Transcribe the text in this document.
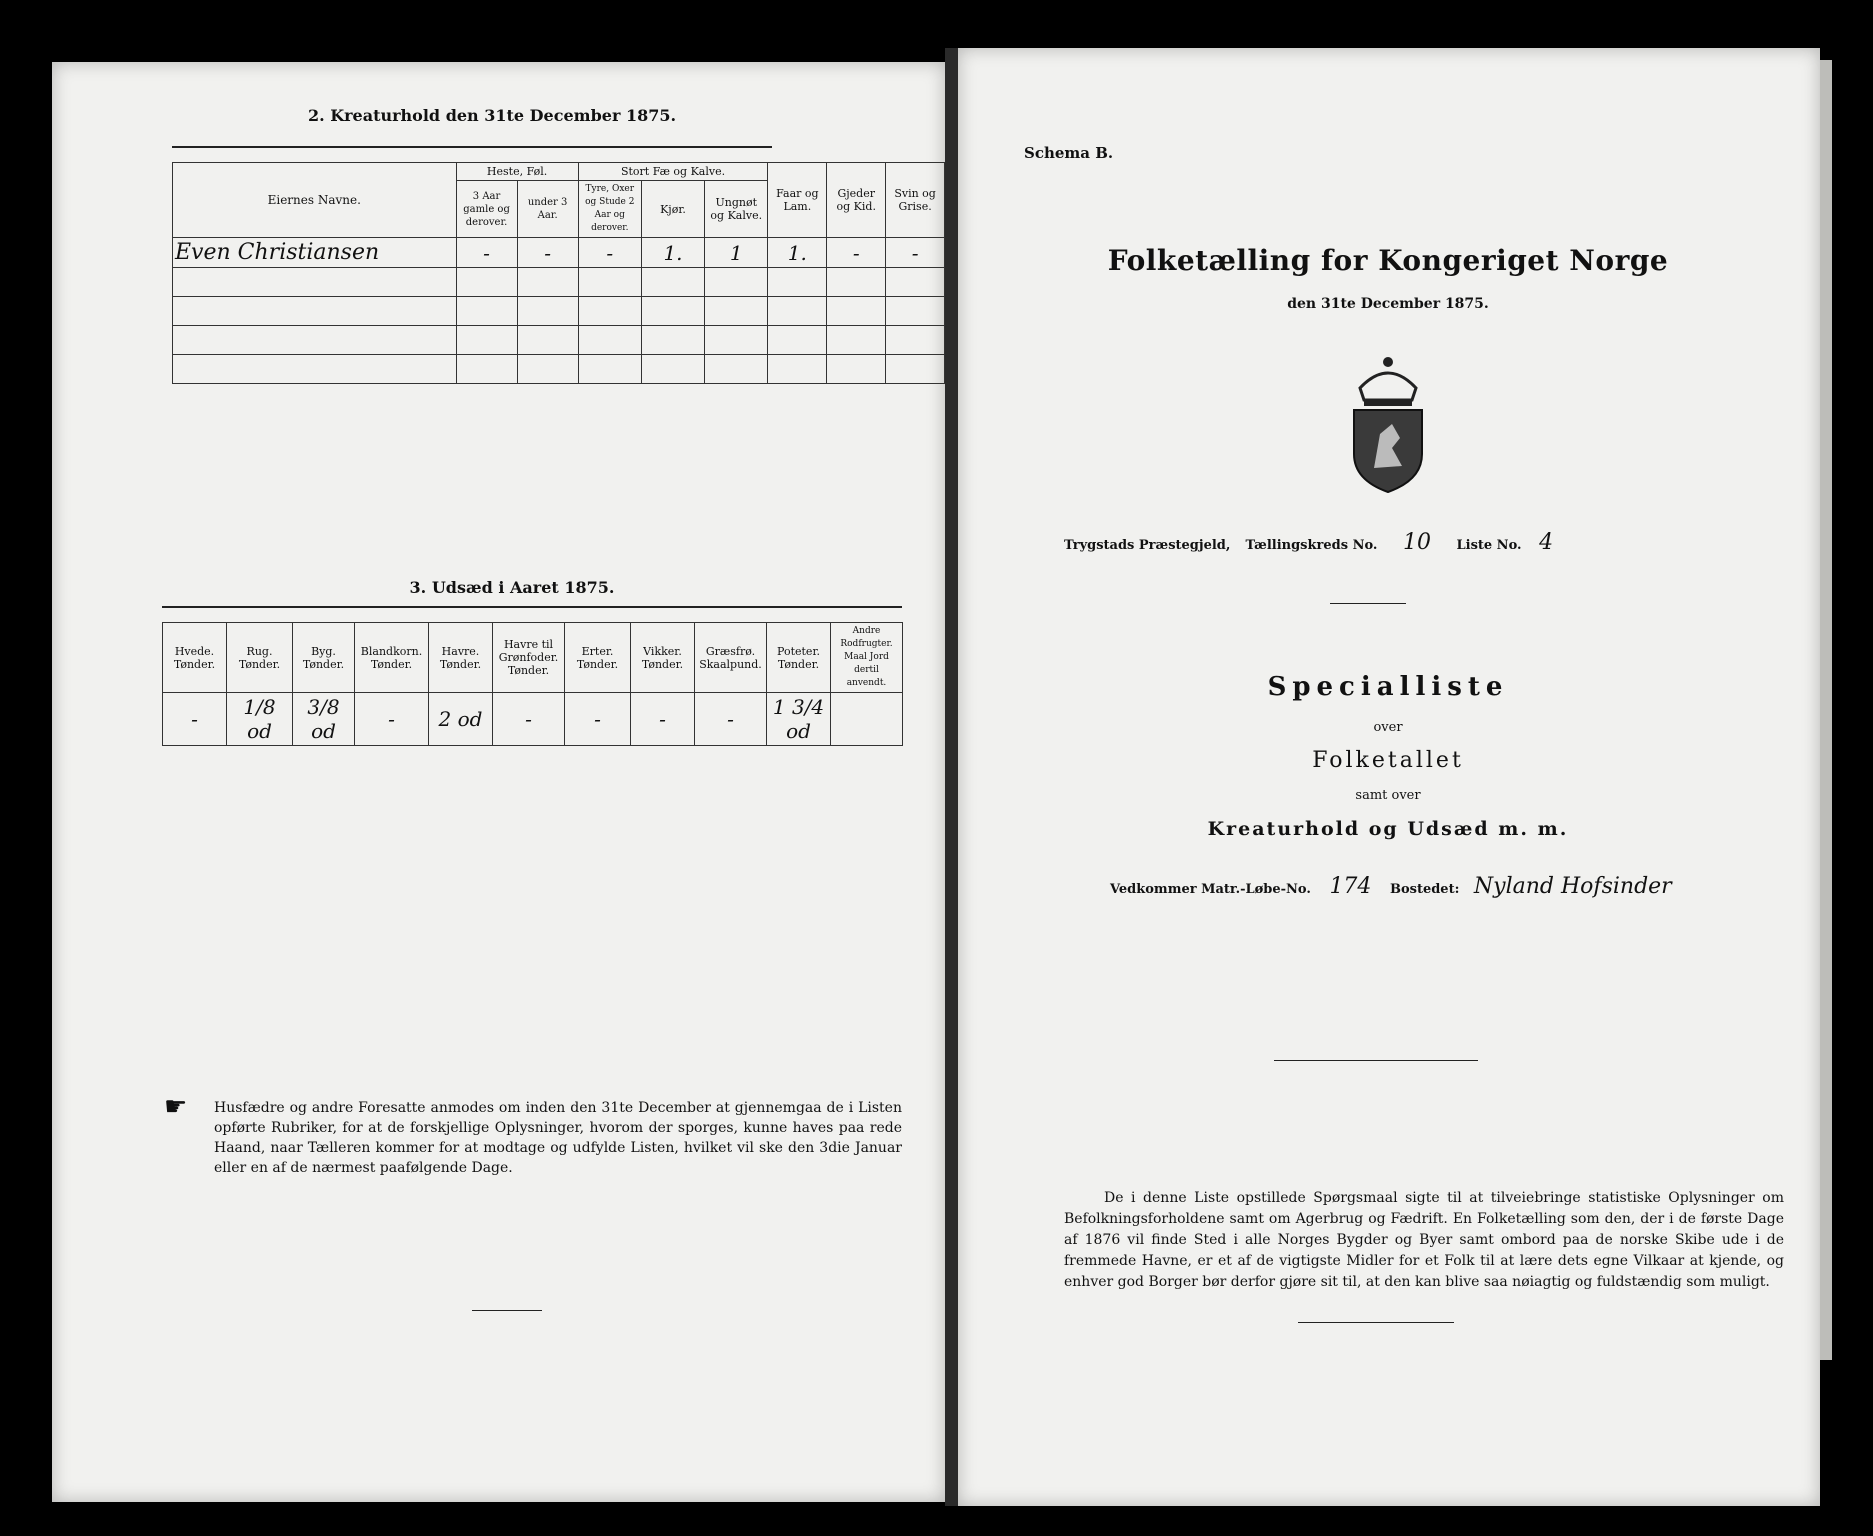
2. Kreaturhold den 31te December 1875.
Eiernes Navne.	Heste, Føl.		Stort Fæ og Kalve.			Faar og Lam.	Gjeder og Kid.	Svin og Grise.	
	3 Aar gamle og derover.	under 3 Aar.	Tyre, Oxer og Stude 2 Aar og derover.	Kjør.	Ungnøt og Kalve.				
Even Christiansen	-	-	-	1.	1	1.	-	-	

3. Udsæd i Aaret 1875.
Hvede. Tønder.	Rug. Tønder.	Byg. Tønder.	Blandkorn. Tønder.	Havre. Tønder.	Havre til Grønfoder. Tønder.	Erter. Tønder.	Vikker. Tønder.	Græsfrø. Skaalpund.	Poteter. Tønder.	Andre Rodfrugter. Maal Jord dertil anvendt.
-	1/8 od	3/8 od	-	2 od	-	-	-	-	1 3/4 od	
☛ Husfædre og andre Foresatte anmodes om inden den 31te December at gjennemgaa de i Listen opførte Rubriker, for at de forskjellige Oplysninger, hvorom der sporges, kunne haves paa rede Haand, naar Tælleren kommer for at modtage og udfylde Listen, hvilket vil ske den 3die Januar eller en af de nærmest paafølgende Dage.
Schema B.
Folketælling for Kongeriget Norge
den 31te December 1875.
Trygstads Præstegjeld, Tællingskreds No. 10 Liste No. 4
Specialliste
over
Folketallet
samt over
Kreaturhold og Udsæd m. m.
Vedkommer Matr.-Løbe-No. 174 Bostedet: Nyland Hofsinder
De i denne Liste opstillede Spørgsmaal sigte til at tilveiebringe statistiske Oplysninger om Befolkningsforholdene samt om Agerbrug og Fædrift. En Folketælling som den, der i de første Dage af 1876 vil finde Sted i alle Norges Bygder og Byer samt ombord paa de norske Skibe ude i de fremmede Havne, er et af de vigtigste Midler for et Folk til at lære dets egne Vilkaar at kjende, og enhver god Borger bør derfor gjøre sit til, at den kan blive saa nøiagtig og fuldstændig som muligt.
